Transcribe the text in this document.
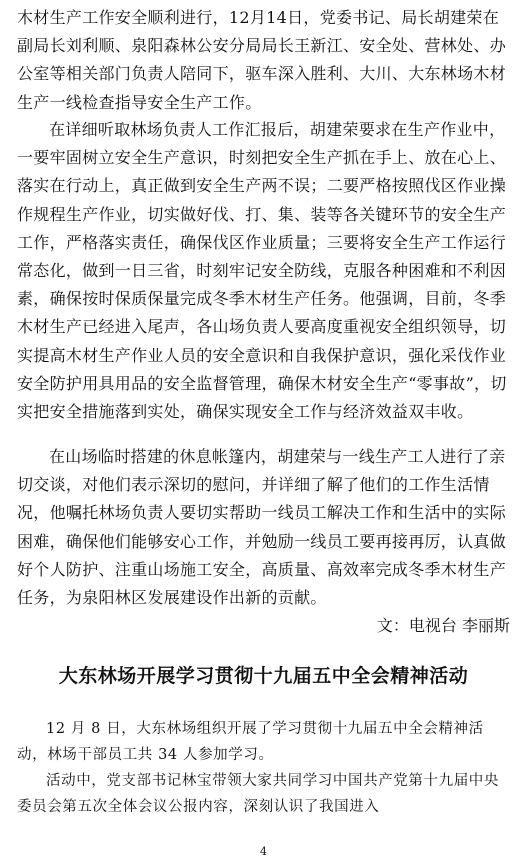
木材生产工作安全顺利进行，12月14日，党委书记、局长胡建荣在副局长刘利顺、泉阳森林公安分局局长王新江、安全处、营林处、办公室等相关部门负责人陪同下，驱车深入胜利、大川、大东林场木材生产一线检查指导安全生产工作。

在详细听取林场负责人工作汇报后，胡建荣要求在生产作业中，一要牢固树立安全生产意识，时刻把安全生产抓在手上、放在心上、落实在行动上，真正做到安全生产两不误；二要严格按照伐区作业操作规程生产作业，切实做好伐、打、集、装等各关键环节的安全生产工作，严格落实责任，确保伐区作业质量；三要将安全生产工作运行常态化，做到一日三省，时刻牢记安全防线，克服各种困难和不利因素，确保按时保质保量完成冬季木材生产任务。他强调，目前，冬季木材生产已经进入尾声，各山场负责人要高度重视安全组织领导，切实提高木材生产作业人员的安全意识和自我保护意识，强化采伐作业安全防护用具用品的安全监督管理，确保木材安全生产“零事故”，切实把安全措施落到实处，确保实现安全工作与经济效益双丰收。

在山场临时搭建的休息帐篷内，胡建荣与一线生产工人进行了亲切交谈，对他们表示深切的慰问，并详细了解了他们的工作生活情况，他嘱托林场负责人要切实帮助一线员工解决工作和生活中的实际困难，确保他们能够安心工作，并勉励一线员工要再接再厉，认真做好个人防护、注重山场施工安全，高质量、高效率完成冬季木材生产任务，为泉阳林区发展建设作出新的贡献。

文：电视台 李丽斯
大东林场开展学习贯彻十九届五中全会精神活动

12 月 8 日，大东林场组织开展了学习贯彻十九届五中全会精神活动，林场干部员工共 34 人参加学习。

活动中，党支部书记林宝带领大家共同学习中国共产党第十九届中央委员会第五次全体会议公报内容，深刻认识了我国进入

4
